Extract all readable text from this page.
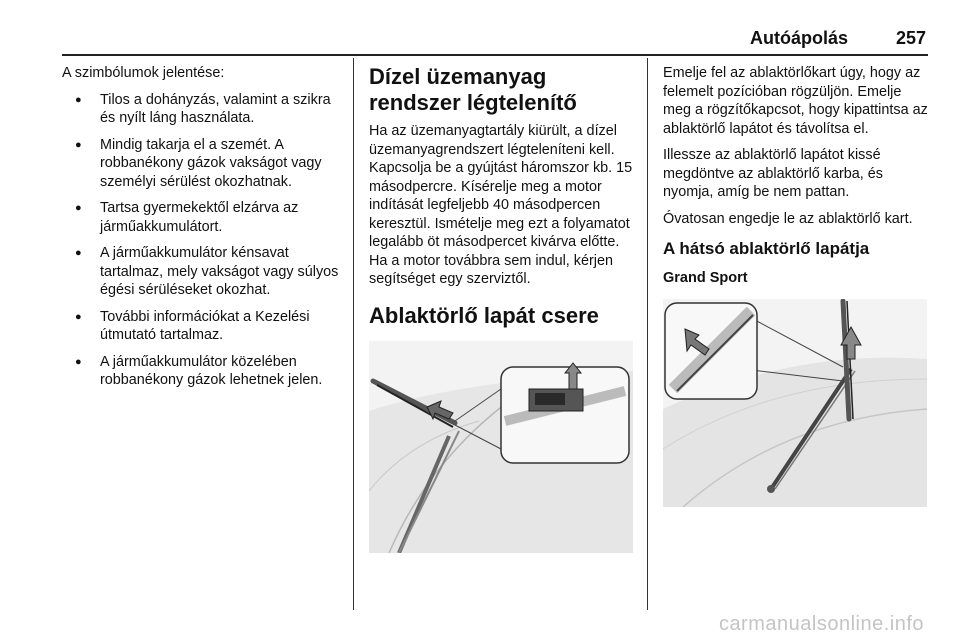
Autóápolás	257

A szimbólumok jelentése:

● Tilos a dohányzás, valamint a szikra és nyílt láng használata.
● Mindig takarja el a szemét. A robbanékony gázok vakságot vagy személyi sérülést okozhatnak.
● Tartsa gyermekektől elzárva az járműakkumulátort.
● A járműakkumulátor kénsavat tartalmaz, mely vakságot vagy súlyos égési sérüléseket okozhat.
● További információkat a Kezelési útmutató tartalmaz.
● A járműakkumulátor közelében robbanékony gázok lehetnek jelen.
Dízel üzemanyag rendszer légtelenítő

Ha az üzemanyagtartály kiürült, a dízel üzemanyagrendszert légteleníteni kell. Kapcsolja be a gyújtást háromszor kb. 15 másodpercre. Kísérelje meg a motor indítását legfeljebb 40 másodpercen keresztül. Ismételje meg ezt a folyamatot legalább öt másodpercet kivárva előtte. Ha a motor továbbra sem indul, kérjen segítséget egy szerviztől.

Ablaktörlő lapát csere

Emelje fel az ablaktörlőkart úgy, hogy az felemelt pozícióban rögzüljön. Emelje meg a rögzítőkapcsot, hogy kipattintsa az ablaktörlő lapátot és távolítsa el.

Illessze az ablaktörlő lapátot kissé megdöntve az ablaktörlő karba, és nyomja, amíg be nem pattan.

Óvatosan engedje le az ablaktörlő kart.

A hátsó ablaktörlő lapátja
Grand Sport
carmanualsonline.info
